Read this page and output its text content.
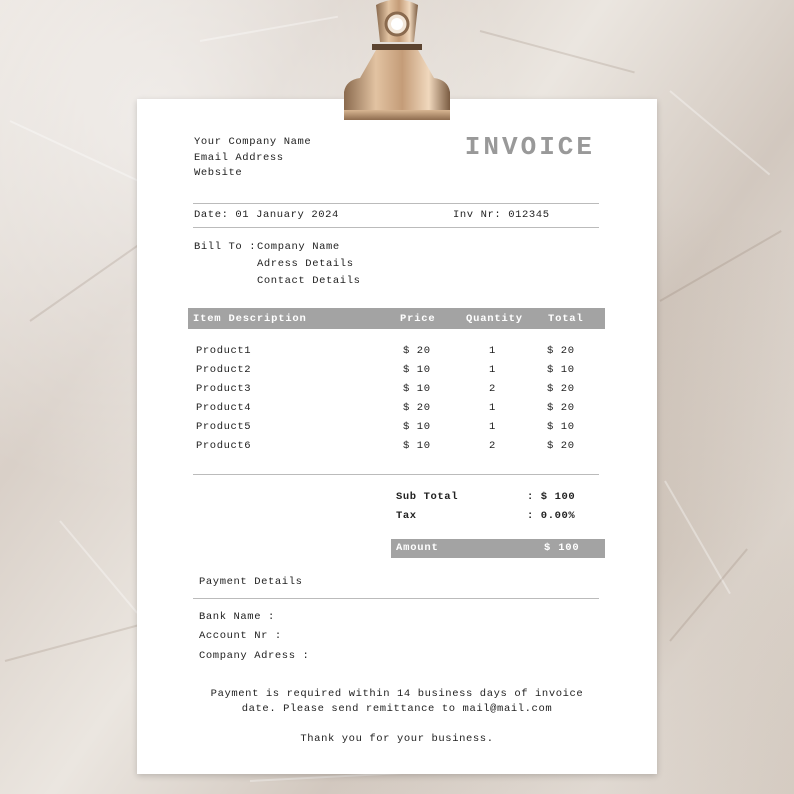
Your Company Name
Email Address
Website
INVOICE
Date: 01 January 2024	Inv Nr: 012345
Bill To : Company Name
Adress Details
Contact Details
Item Description	Price	Quantity Total
Product1	$ 20	1	$ 20
Product2	$ 10	1	$ 10
Product3	$ 10	2	$ 20
Product4	$ 20	1	$ 20
Product5	$ 10	1	$ 10
Product6	$ 10	2	$ 20
Sub Total	: $ 100
Tax	: 0.00%
Amount	$ 100
Payment Details
Bank Name :
Account Nr :
Company Adress :
Payment is required within 14 business days of invoice
date. Please send remittance to mail@mail.com
Thank you for your business.
